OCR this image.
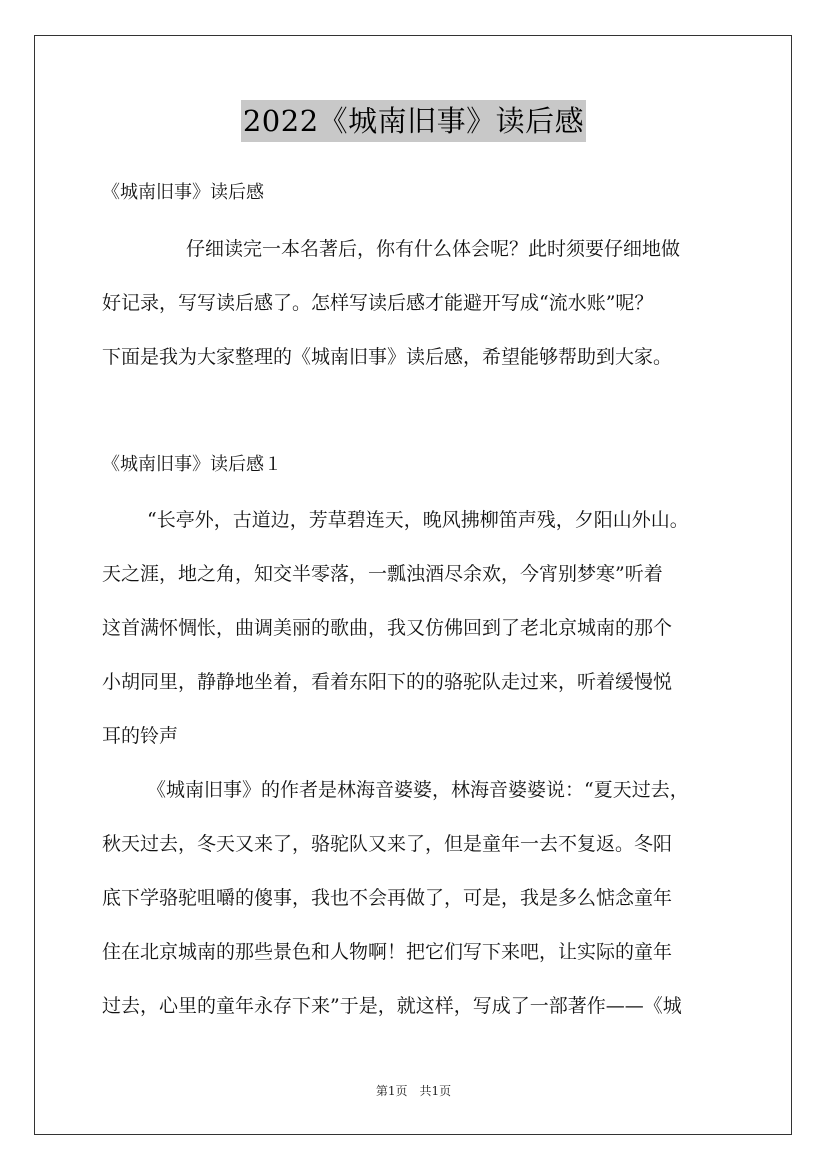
2022《城南旧事》读后感
《城南旧事》读后感
仔细读完一本名著后，你有什么体会呢？此时须要仔细地做
好记录，写写读后感了。怎样写读后感才能避开写成“流水账”呢？
下面是我为大家整理的《城南旧事》读后感，希望能够帮助到大家。
《城南旧事》读后感１
“长亭外，古道边，芳草碧连天，晚风拂柳笛声残，夕阳山外山。
天之涯，地之角，知交半零落，一瓢浊酒尽余欢，今宵别梦寒”听着
这首满怀惆怅，曲调美丽的歌曲，我又仿佛回到了老北京城南的那个
小胡同里，静静地坐着，看着东阳下的的骆驼队走过来，听着缓慢悦
耳的铃声
《城南旧事》的作者是林海音婆婆，林海音婆婆说：“夏天过去，
秋天过去，冬天又来了，骆驼队又来了，但是童年一去不复返。冬阳
底下学骆驼咀嚼的傻事，我也不会再做了，可是，我是多么惦念童年
住在北京城南的那些景色和人物啊！把它们写下来吧，让实际的童年
过去，心里的童年永存下来”于是，就这样，写成了一部著作——《城
第1页　共1页
